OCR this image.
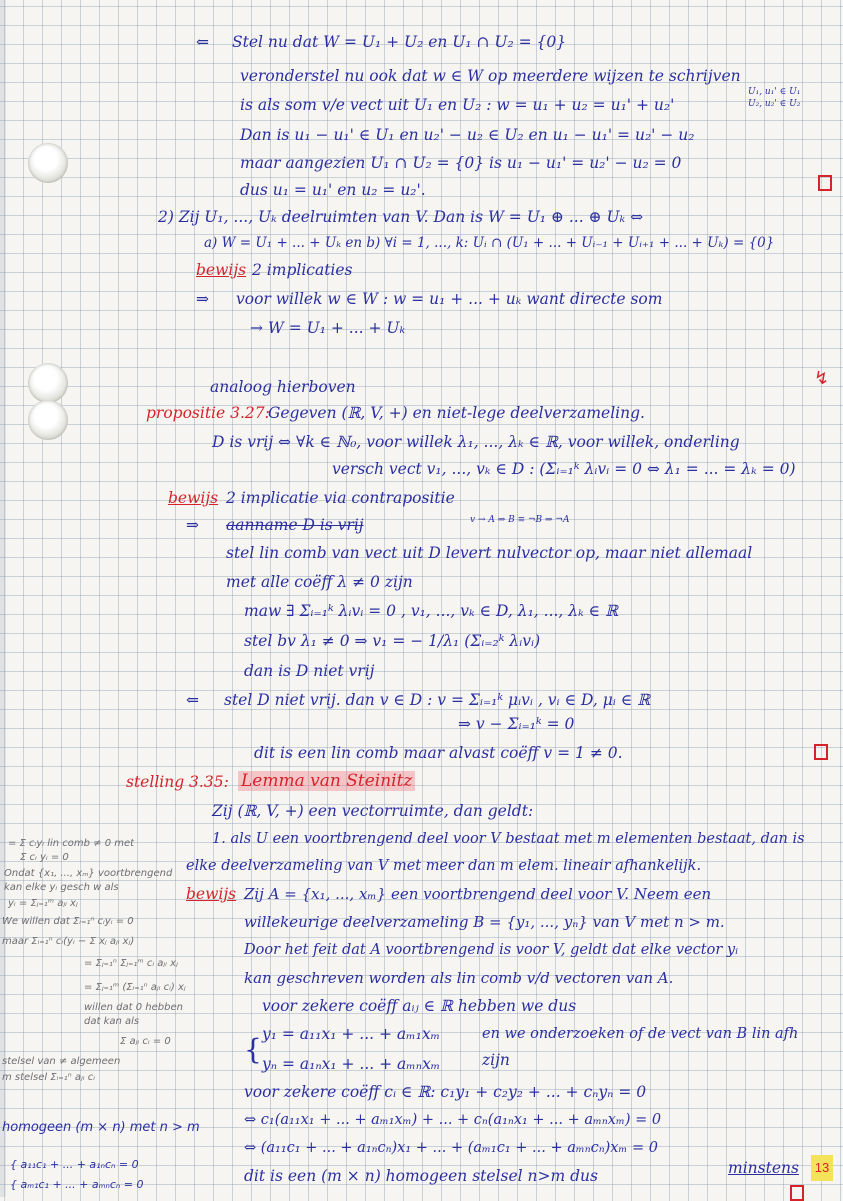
⇐ Stel nu dat W = U₁ + U₂ en U₁ ∩ U₂ = {0}
veronderstel nu ook dat w ∈ W op meerdere wijzen te schrijven
is als som v/e vect uit U₁ en U₂ : w = u₁ + u₂ = u₁' + u₂'
U₁, u₁' ∈ U₁
U₂, u₂' ∈ U₂
Dan is u₁ − u₁' ∈ U₁ en u₂' − u₂ ∈ U₂ en u₁ − u₁' = u₂' − u₂
maar aangezien U₁ ∩ U₂ = {0} is u₁ − u₁' = u₂' − u₂ = 0
dus u₁ = u₁' en u₂ = u₂'.
2) Zij U₁, ..., Uₖ deelruimten van V. Dan is W = U₁ ⊕ ... ⊕ Uₖ ⇔
a) W = U₁ + ... + Uₖ en b) ∀i = 1, ..., k: Uᵢ ∩ (U₁ + ... + Uᵢ₋₁ + Uᵢ₊₁ + ... + Uₖ) = {0}
bewijs 2 implicaties
⇒ voor willek w ∈ W : w = u₁ + ... + uₖ want directe som
→ W = U₁ + ... + Uₖ
analoog hierboven	↯
propositie 3.27:
Gegeven (ℝ, V, +) en niet-lege deelverzameling.
D is vrij ⇔ ∀k ∈ ℕ₀, voor willek λ₁, ..., λₖ ∈ ℝ, voor willek, onderling
versch vect v₁, ..., vₖ ∈ D : (Σᵢ₌₁ᵏ λᵢvᵢ = 0 ⇔ λ₁ = ... = λₖ = 0)
bewijs 2 implicatie via contrapositie
v → A ⇒ B ≡ ¬B ⇒ ¬A
⇒ aanname D is vrij
stel lin comb van vect uit D levert nulvector op, maar niet allemaal
met alle coëff λ ≠ 0 zijn
maw ∃ Σᵢ₌₁ᵏ λᵢvᵢ = 0 , v₁, ..., vₖ ∈ D, λ₁, ..., λₖ ∈ ℝ
stel bv λ₁ ≠ 0 ⇒ v₁ = − 1/λ₁ (Σᵢ₌₂ᵏ λᵢvᵢ)
dan is D niet vrij
⇐ stel D niet vrij. dan v ∈ D : v = Σᵢ₌₁ᵏ μᵢvᵢ , vᵢ ∈ D, μᵢ ∈ ℝ
⇒ v − Σᵢ₌₁ᵏ = 0
dit is een lin comb maar alvast coëff v = 1 ≠ 0.
stelling 3.35: Lemma van Steinitz
Zij (ℝ, V, +) een vectorruimte, dan geldt:
1. als U een voortbrengend deel voor V bestaat met m elementen bestaat, dan is
elke deelverzameling van V met meer dan m elem. lineair afhankelijk.
bewijs Zij A = {x₁, ..., xₘ} een voortbrengend deel voor V. Neem een
willekeurige deelverzameling B = {y₁, ..., yₙ} van V met n > m.
Door het feit dat A voortbrengend is voor V, geldt dat elke vector yᵢ
kan geschreven worden als lin comb v/d vectoren van A.
voor zekere coëff aᵢⱼ ∈ ℝ hebben we dus
{ y₁ = a₁₁x₁ + ... + aₘ₁xₘ	en we onderzoeken of de vect van B lin afh
zijn
yₙ = a₁ₙx₁ + ... + aₘₙxₘ
voor zekere coëff cᵢ ∈ ℝ: c₁y₁ + c₂y₂ + ... + cₙyₙ = 0
⇔ c₁(a₁₁x₁ + ... + aₘ₁xₘ) + ... + cₙ(a₁ₙx₁ + ... + aₘₙxₘ) = 0
⇔ (a₁₁c₁ + ... + a₁ₙcₙ)x₁ + ... + (aₘ₁c₁ + ... + aₘₙcₙ)xₘ = 0
dit is een (m × n) homogeen stelsel n>m dus	minstens
= Σ cᵢyᵢ lin comb ≠ 0 met
Σ cᵢ yᵢ = 0
Ondat {x₁, ..., xₘ} voortbrengend
kan elke yᵢ gesch w als
yᵢ = Σⱼ₌₁ᵐ aⱼᵢ xⱼ
We willen dat Σᵢ₌₁ⁿ cᵢyᵢ = 0
maar Σᵢ₌₁ⁿ cᵢ(yᵢ − Σ xⱼ aⱼᵢ xⱼ)
= Σⱼ₌₁ⁿ Σⱼ₌₁ᵐ cᵢ aⱼᵢ xⱼ
= Σⱼ₌₁ᵐ (Σᵢ₌₁ⁿ aⱼᵢ cᵢ) xⱼ
willen dat 0 hebben
dat kan als
Σ aⱼᵢ cᵢ = 0
stelsel van ≠ algemeen
m stelsel Σᵢ₌₁ⁿ aⱼᵢ cᵢ
homogeen (m × n) met n > m
{ a₁₁c₁ + ... + a₁ₙcₙ = 0
{ aₘ₁c₁ + ... + aₘₙcₙ = 0
13
